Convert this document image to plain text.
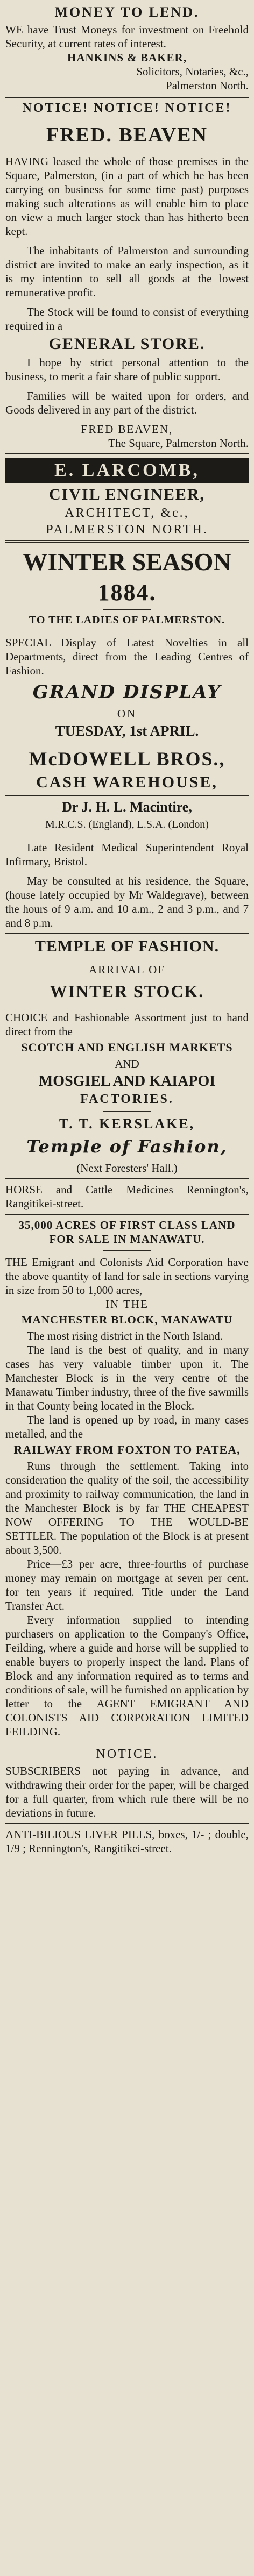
MONEY TO LEND.

WE have Trust Moneys for investment on Freehold Security, at current rates of interest.

HANKINS & BAKER,
Solicitors, Notaries, &c.,
Palmerston North.
NOTICE! NOTICE! NOTICE!
FRED. BEAVEN

HAVING leased the whole of those premises in the Square, Palmerston, (in a part of which he has been carrying on business for some time past) purposes making such alterations as will enable him to place on view a much larger stock than has hitherto been kept.

The inhabitants of Palmerston and surrounding district are invited to make an early inspection, as it is my intention to sell all goods at the lowest remunerative profit.

The Stock will be found to consist of everything required in a

GENERAL STORE.

I hope by strict personal attention to the business, to merit a fair share of public support.

Families will be waited upon for orders, and Goods delivered in any part of the district.

FRED BEAVEN,
The Square, Palmerston North.
E. LARCOMB,
CIVIL ENGINEER,
ARCHITECT, &c.,
PALMERSTON NORTH.
WINTER SEASON
1884.
TO THE LADIES OF PALMERSTON.

SPECIAL Display of Latest Novelties in all Departments, direct from the Leading Centres of Fashion.

GRAND DISPLAY
ON
TUESDAY, 1st APRIL.
McDOWELL BROS.,
CASH WAREHOUSE,
Dr J. H. L. Macintire,
M.R.C.S. (England), L.S.A. (London)

Late Resident Medical Superintendent Royal Infirmary, Bristol.

May be consulted at his residence, the Square, (house lately occupied by Mr Waldegrave), between the hours of 9 a.m. and 10 a.m., 2 and 3 p.m., and 7 and 8 p.m.

TEMPLE OF FASHION.
ARRIVAL OF
WINTER STOCK.

CHOICE and Fashionable Assortment just to hand direct from the

SCOTCH AND ENGLISH MARKETS
AND
MOSGIEL AND KAIAPOI
FACTORIES.
T. T. KERSLAKE,
Temple of Fashion,
(Next Foresters' Hall.)

HORSE and Cattle Medicines Rennington's, Rangitikei-street.

35,000 ACRES OF FIRST CLASS LAND FOR SALE IN MANAWATU.

THE Emigrant and Colonists Aid Corporation have the above quantity of land for sale in sections varying in size from 50 to 1,000 acres,

IN THE
MANCHESTER BLOCK, MANAWATU

The most rising district in the North Island.

The land is the best of quality, and in many cases has very valuable timber upon it. The Manchester Block is in the very centre of the Manawatu Timber industry, three of the five sawmills in that County being located in the Block.

The land is opened up by road, in many cases metalled, and the

RAILWAY FROM FOXTON TO PATEA,

Runs through the settlement. Taking into consideration the quality of the soil, the accessibility and proximity to railway communication, the land in the Manchester Block is by far THE CHEAPEST NOW OFFERING TO THE WOULD-BE SETTLER. The population of the Block is at present about 3,500.

Price—£3 per acre, three-fourths of purchase money may remain on mortgage at seven per cent. for ten years if required. Title under the Land Transfer Act.

Every information supplied to intending purchasers on application to the Company's Office, Feilding, where a guide and horse will be supplied to enable buyers to properly inspect the land. Plans of Block and any information required as to terms and conditions of sale, will be furnished on application by letter to the AGENT EMIGRANT AND COLONISTS AID CORPORATION LIMITED FEILDING.

NOTICE.

SUBSCRIBERS not paying in advance, and withdrawing their order for the paper, will be charged for a full quarter, from which rule there will be no deviations in future.

ANTI-BILIOUS LIVER PILLS, boxes, 1/- ; double, 1/9 ; Rennington's, Rangitikei-street.
